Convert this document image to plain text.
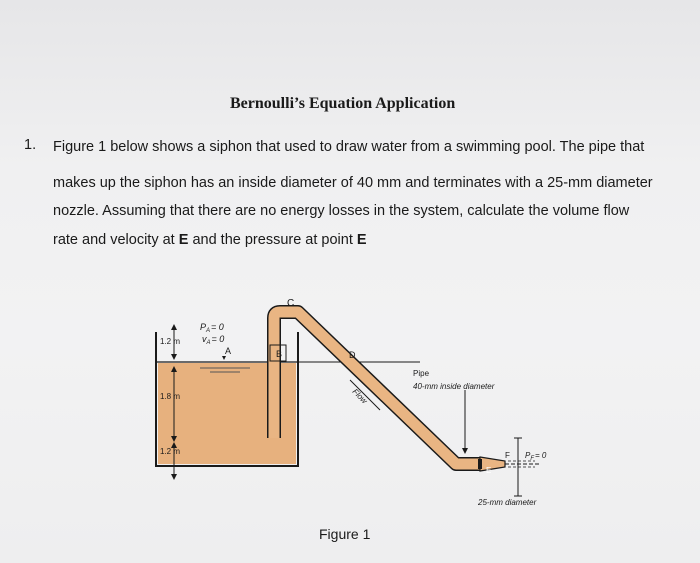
Bernoulli’s Equation Application
1. Figure 1 below shows a siphon that used to draw water from a swimming pool. The pipe that
makes up the siphon has an inside diameter of 40 mm and terminates with a 25-mm diameter
nozzle. Assuming that there are no energy losses in the system, calculate the volume flow
rate and velocity at E and the pressure at point E
C
A	B	D
E
F
$P_A= 0$
$v_A= 0$
1.2 m
1.8 m
1.2 m
Pipe
40-mm inside diameter
Flow
$P_F= 0$
25-mm diameter
Figure 1
